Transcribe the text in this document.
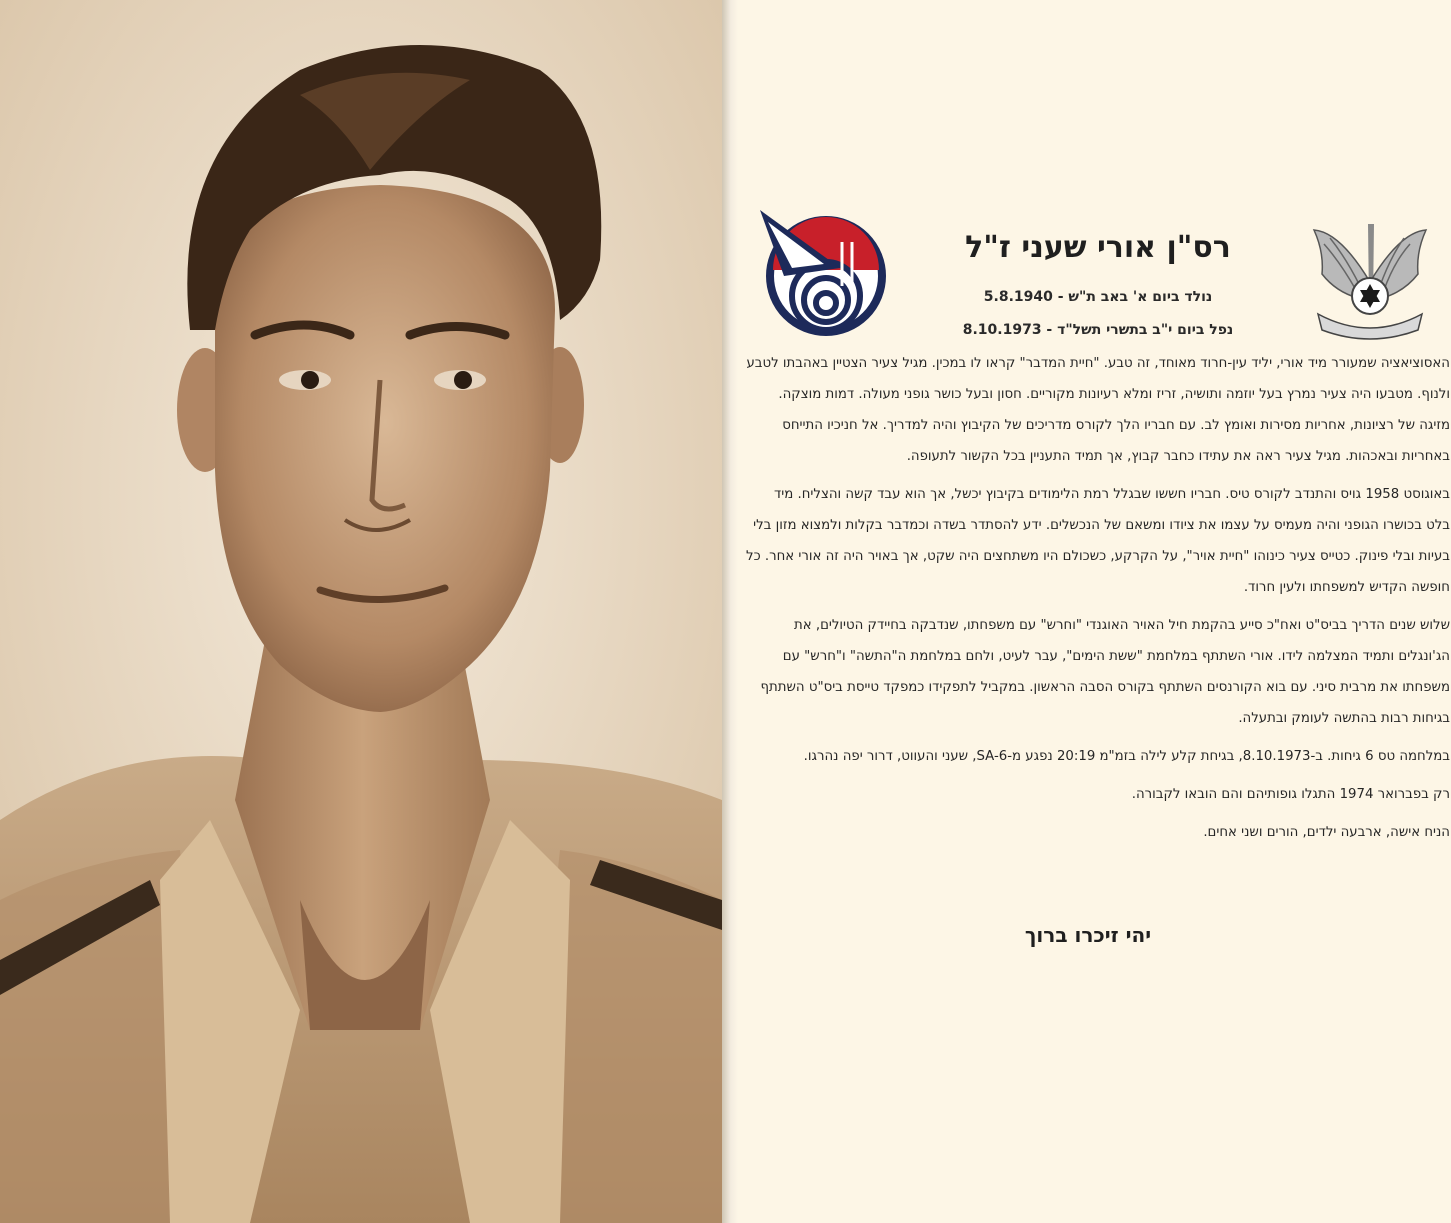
רס"ן אורי שעני ז"ל
נולד ביום א' באב ת"ש - 5.8.1940
נפל ביום י"ב בתשרי תשל"ד - 8.10.1973

האסוציאציה שמעורר מיד אורי, יליד עין-חרוד מאוחד, זה טבע. "חיית המדבר" קראו לו במכין. מגיל צעיר הצטיין באהבתו לטבע ולנוף. מטבעו היה צעיר נמרץ בעל יוזמה ותושיה, זריז ומלא רעיונות מקוריים. חסון ובעל כושר גופני מעולה. דמות מוצקה. מזיגה של רציונות, אחריות מסירות ואומץ לב. עם חבריו הלך לקורס מדריכים של הקיבוץ והיה למדריך. אל חניכיו התייחס באחריות ובאכהות. מגיל צעיר ראה את עתידו כחבר קבוץ, אך תמיד התעניין בכל הקשור לתעופה.

באוגוסט 1958 גויס והתנדב לקורס טיס. חבריו חששו שבגלל רמת הלימודים בקיבוץ יכשל, אך הוא עבד קשה והצליח. מיד בלט בכושרו הגופני והיה מעמיס על עצמו את ציודו ומשאם של הנכשלים. ידע להסתדר בשדה וכמדבר בקלות ולמצוא מזון בלי בעיות ובלי פינוק. כטייס צעיר כינוהו "חיית אויר", על הקרקע, כשכולם היו משתחצים היה שקט, אך באויר היה זה אורי אחר. כל חופשה הקדיש למשפחתו ולעין חרוד.

שלוש שנים הדריך בביס"ט ואח"כ סייע בהקמת חיל האויר האוגנדי "וחרש" עם משפחתו, שנדבקה בחיידק הטיולים, את הג'ונגלים ותמיד המצלמה לידו. אורי השתתף במלחמת "ששת הימים", עבר לעיט, ולחם במלחמת ה"התשה" ו"חרש" עם משפחתו את מרבית סיני. עם בוא הקורנסים השתתף בקורס הסבה הראשון. במקביל לתפקידו כמפקד טייסת ביס"ט השתתף בגיחות רבות בהתשה לעומק ובתעלה.

במלחמה טס 6 גיחות. ב-8.10.1973, בגיחת קלע לילה בזמ"מ 20:19 נפגע מ-SA-6, שעני והעווט, דרור יפה נהרגו.

רק בפברואר 1974 התגלו גופותיהם והם הובאו לקבורה.

הניח אישה, ארבעה ילדים, הורים ושני אחים.

יהי זיכרו ברוך
